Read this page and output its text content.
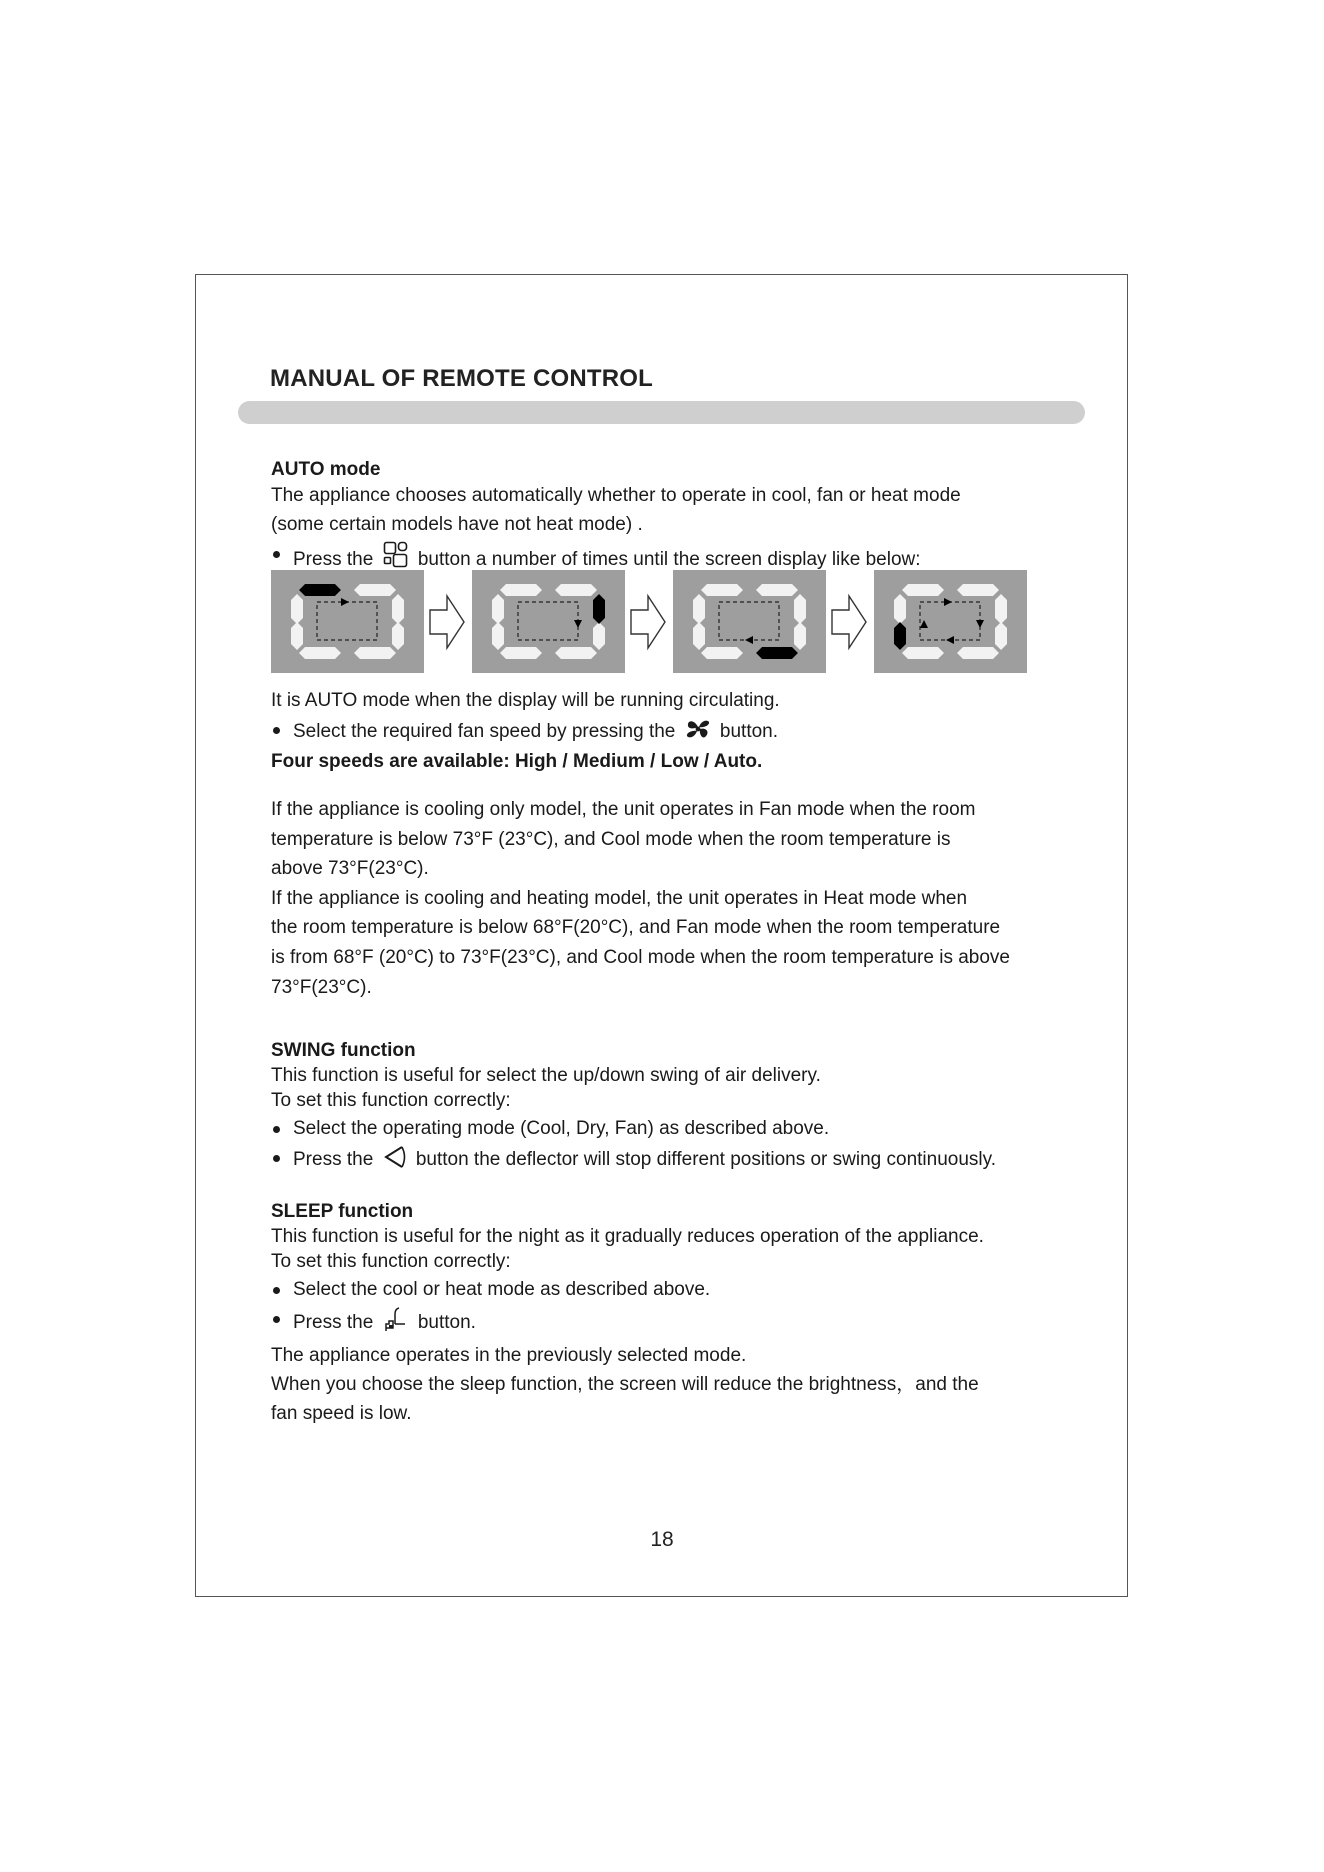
MANUAL OF REMOTE CONTROL
AUTO mode
The appliance chooses automatically whether to operate in cool, fan or heat mode
(some certain models have not heat mode) .
Press the button a number of times until the screen display like below:
It is AUTO mode when the display will be running circulating.
Select the required fan speed by pressing the button.
Four speeds are available: High / Medium / Low / Auto.
If the appliance is cooling only model, the unit operates in Fan mode when the room
temperature is below 73°F (23°C), and Cool mode when the room temperature is
above 73°F(23°C).
If the appliance is cooling and heating model, the unit operates in Heat mode when
the room temperature is below 68°F(20°C), and Fan mode when the room temperature
is from 68°F (20°C) to 73°F(23°C), and Cool mode when the room temperature is above
73°F(23°C).
SWING function
This function is useful for select the up/down swing of air delivery.
To set this function correctly:
Select the operating mode (Cool, Dry, Fan) as described above.
Press the button the deflector will stop different positions or swing continuously.
SLEEP function
This function is useful for the night as it gradually reduces operation of the appliance.
To set this function correctly:
Select the cool or heat mode as described above.
Press the button.
The appliance operates in the previously selected mode.
When you choose the sleep function, the screen will reduce the brightness，and the
fan speed is low.
18
